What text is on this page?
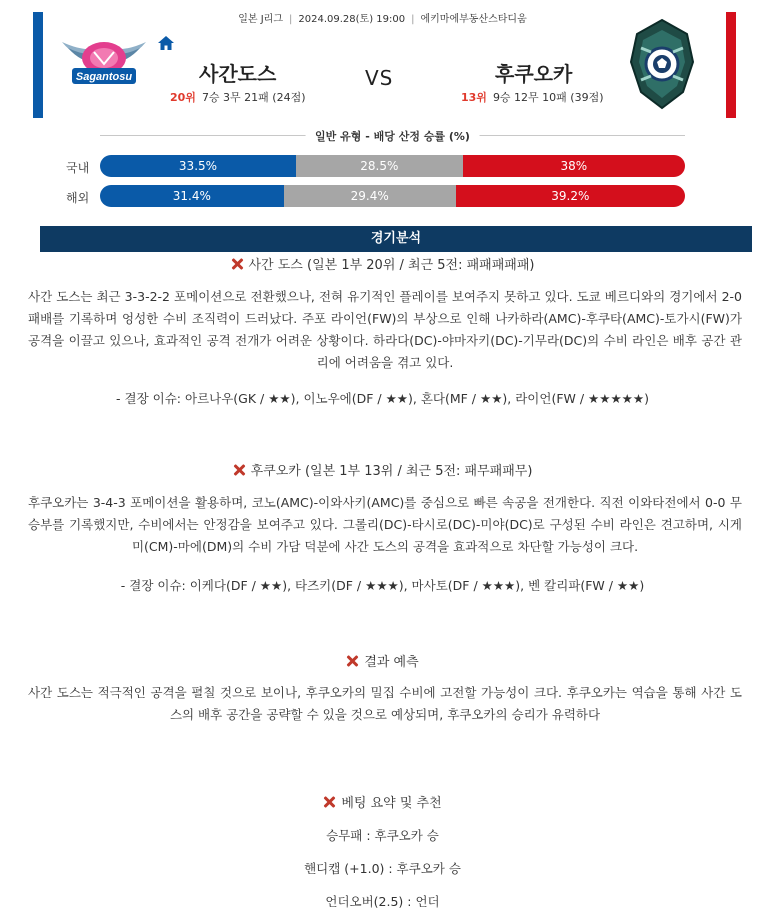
일본 J리그 | 2024.09.28(토) 19:00 | 에키마에부동산스타디움
Sagantosu	사간도스	VS	후쿠오카
20위 7승 3무 21패 (24점)	13위 9승 12무 10패 (39점)
일반 유형 - 배당 산정 승률 (%)
국내	33.5%	28.5%	38%
해외	31.4%	29.4%	39.2%
경기분석
사간 도스 (일본 1부 20위 / 최근 5전: 패패패패패)
사간 도스는 최근 3-3-2-2 포메이션으로 전환했으나, 전혀 유기적인 플레이를 보여주지 못하고 있다. 도쿄 베르디와의 경기에서 2-0 패배를 기록하며 엉성한 수비 조직력이 드러났다. 주포 라이언(FW)의 부상으로 인해 나카하라(AMC)-후쿠타(AMC)-토가시(FW)가 공격을 이끌고 있으나, 효과적인 공격 전개가 어려운 상황이다. 하라다(DC)-야마자키(DC)-기무라(DC)의 수비 라인은 배후 공간 관리에 어려움을 겪고 있다.
- 결장 이슈: 아르나우(GK / ★★), 이노우에(DF / ★★), 혼다(MF / ★★), 라이언(FW / ★★★★★)
후쿠오카 (일본 1부 13위 / 최근 5전: 패무패패무)
후쿠오카는 3-4-3 포메이션을 활용하며, 코노(AMC)-이와사키(AMC)를 중심으로 빠른 속공을 전개한다. 직전 이와타전에서 0-0 무승부를 기록했지만, 수비에서는 안정감을 보여주고 있다. 그롤리(DC)-타시로(DC)-미야(DC)로 구성된 수비 라인은 견고하며, 시게미(CM)-마에(DM)의 수비 가담 덕분에 사간 도스의 공격을 효과적으로 차단할 가능성이 크다.
- 결장 이슈: 이케다(DF / ★★), 타즈키(DF / ★★★), 마사토(DF / ★★★), 벤 칼리파(FW / ★★)
결과 예측
사간 도스는 적극적인 공격을 펼칠 것으로 보이나, 후쿠오카의 밀집 수비에 고전할 가능성이 크다. 후쿠오카는 역습을 통해 사간 도스의 배후 공간을 공략할 수 있을 것으로 예상되며, 후쿠오카의 승리가 유력하다
베팅 요약 및 추천
승무패 : 후쿠오카 승
핸디캡 (+1.0) : 후쿠오카 승
언더오버(2.5) : 언더
